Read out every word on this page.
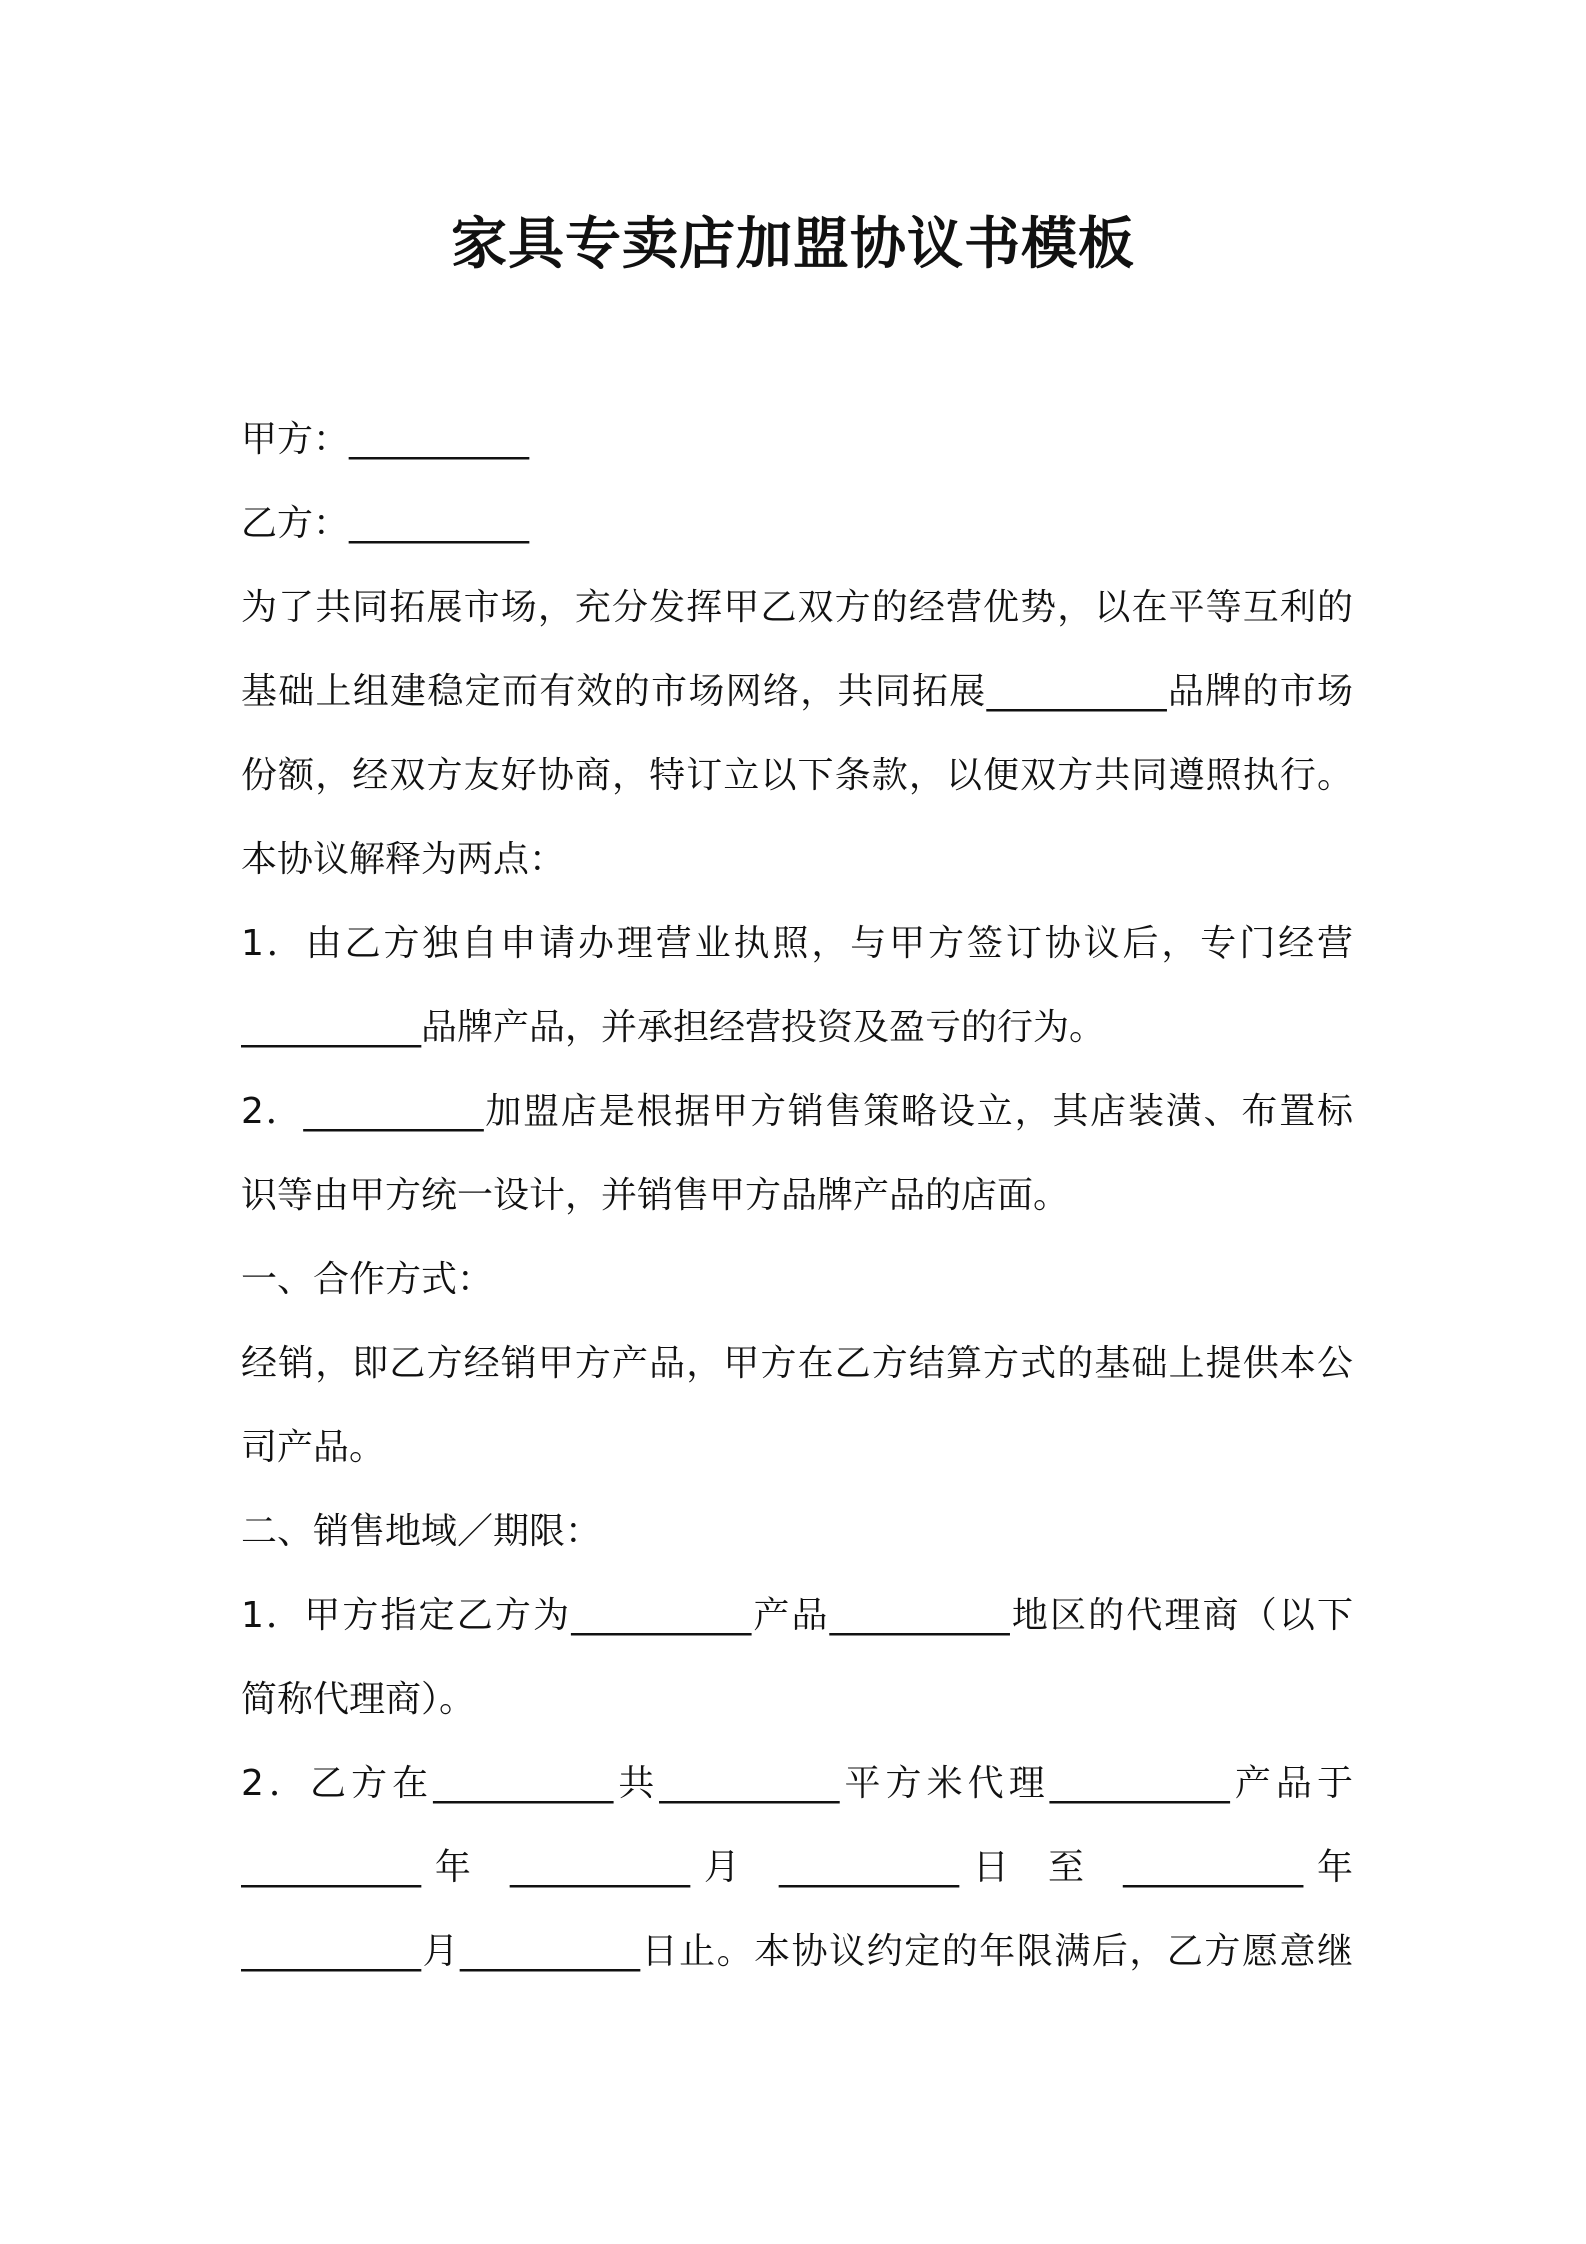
家具专卖店加盟协议书模板
甲方：__________
乙方：__________
为了共同拓展市场，充分发挥甲乙双方的经营优势，以在平等互利的
基础上组建稳定而有效的市场网络，共同拓展__________品牌的市场
份额，经双方友好协商，特订立以下条款，以便双方共同遵照执行。
本协议解释为两点：
1．由乙方独自申请办理营业执照，与甲方签订协议后，专门经营
__________品牌产品，并承担经营投资及盈亏的行为。
2．__________加盟店是根据甲方销售策略设立，其店装潢、布置标
识等由甲方统一设计，并销售甲方品牌产品的店面。
一、合作方式：
经销，即乙方经销甲方产品，甲方在乙方结算方式的基础上提供本公
司产品。
二、销售地域／期限：
1．甲方指定乙方为__________产品__________地区的代理商（以下
简称代理商）。
2．乙方在__________共__________平方米代理__________产品于
__________年 __________月 __________日 至 __________年
__________月__________日止。本协议约定的年限满后，乙方愿意继
